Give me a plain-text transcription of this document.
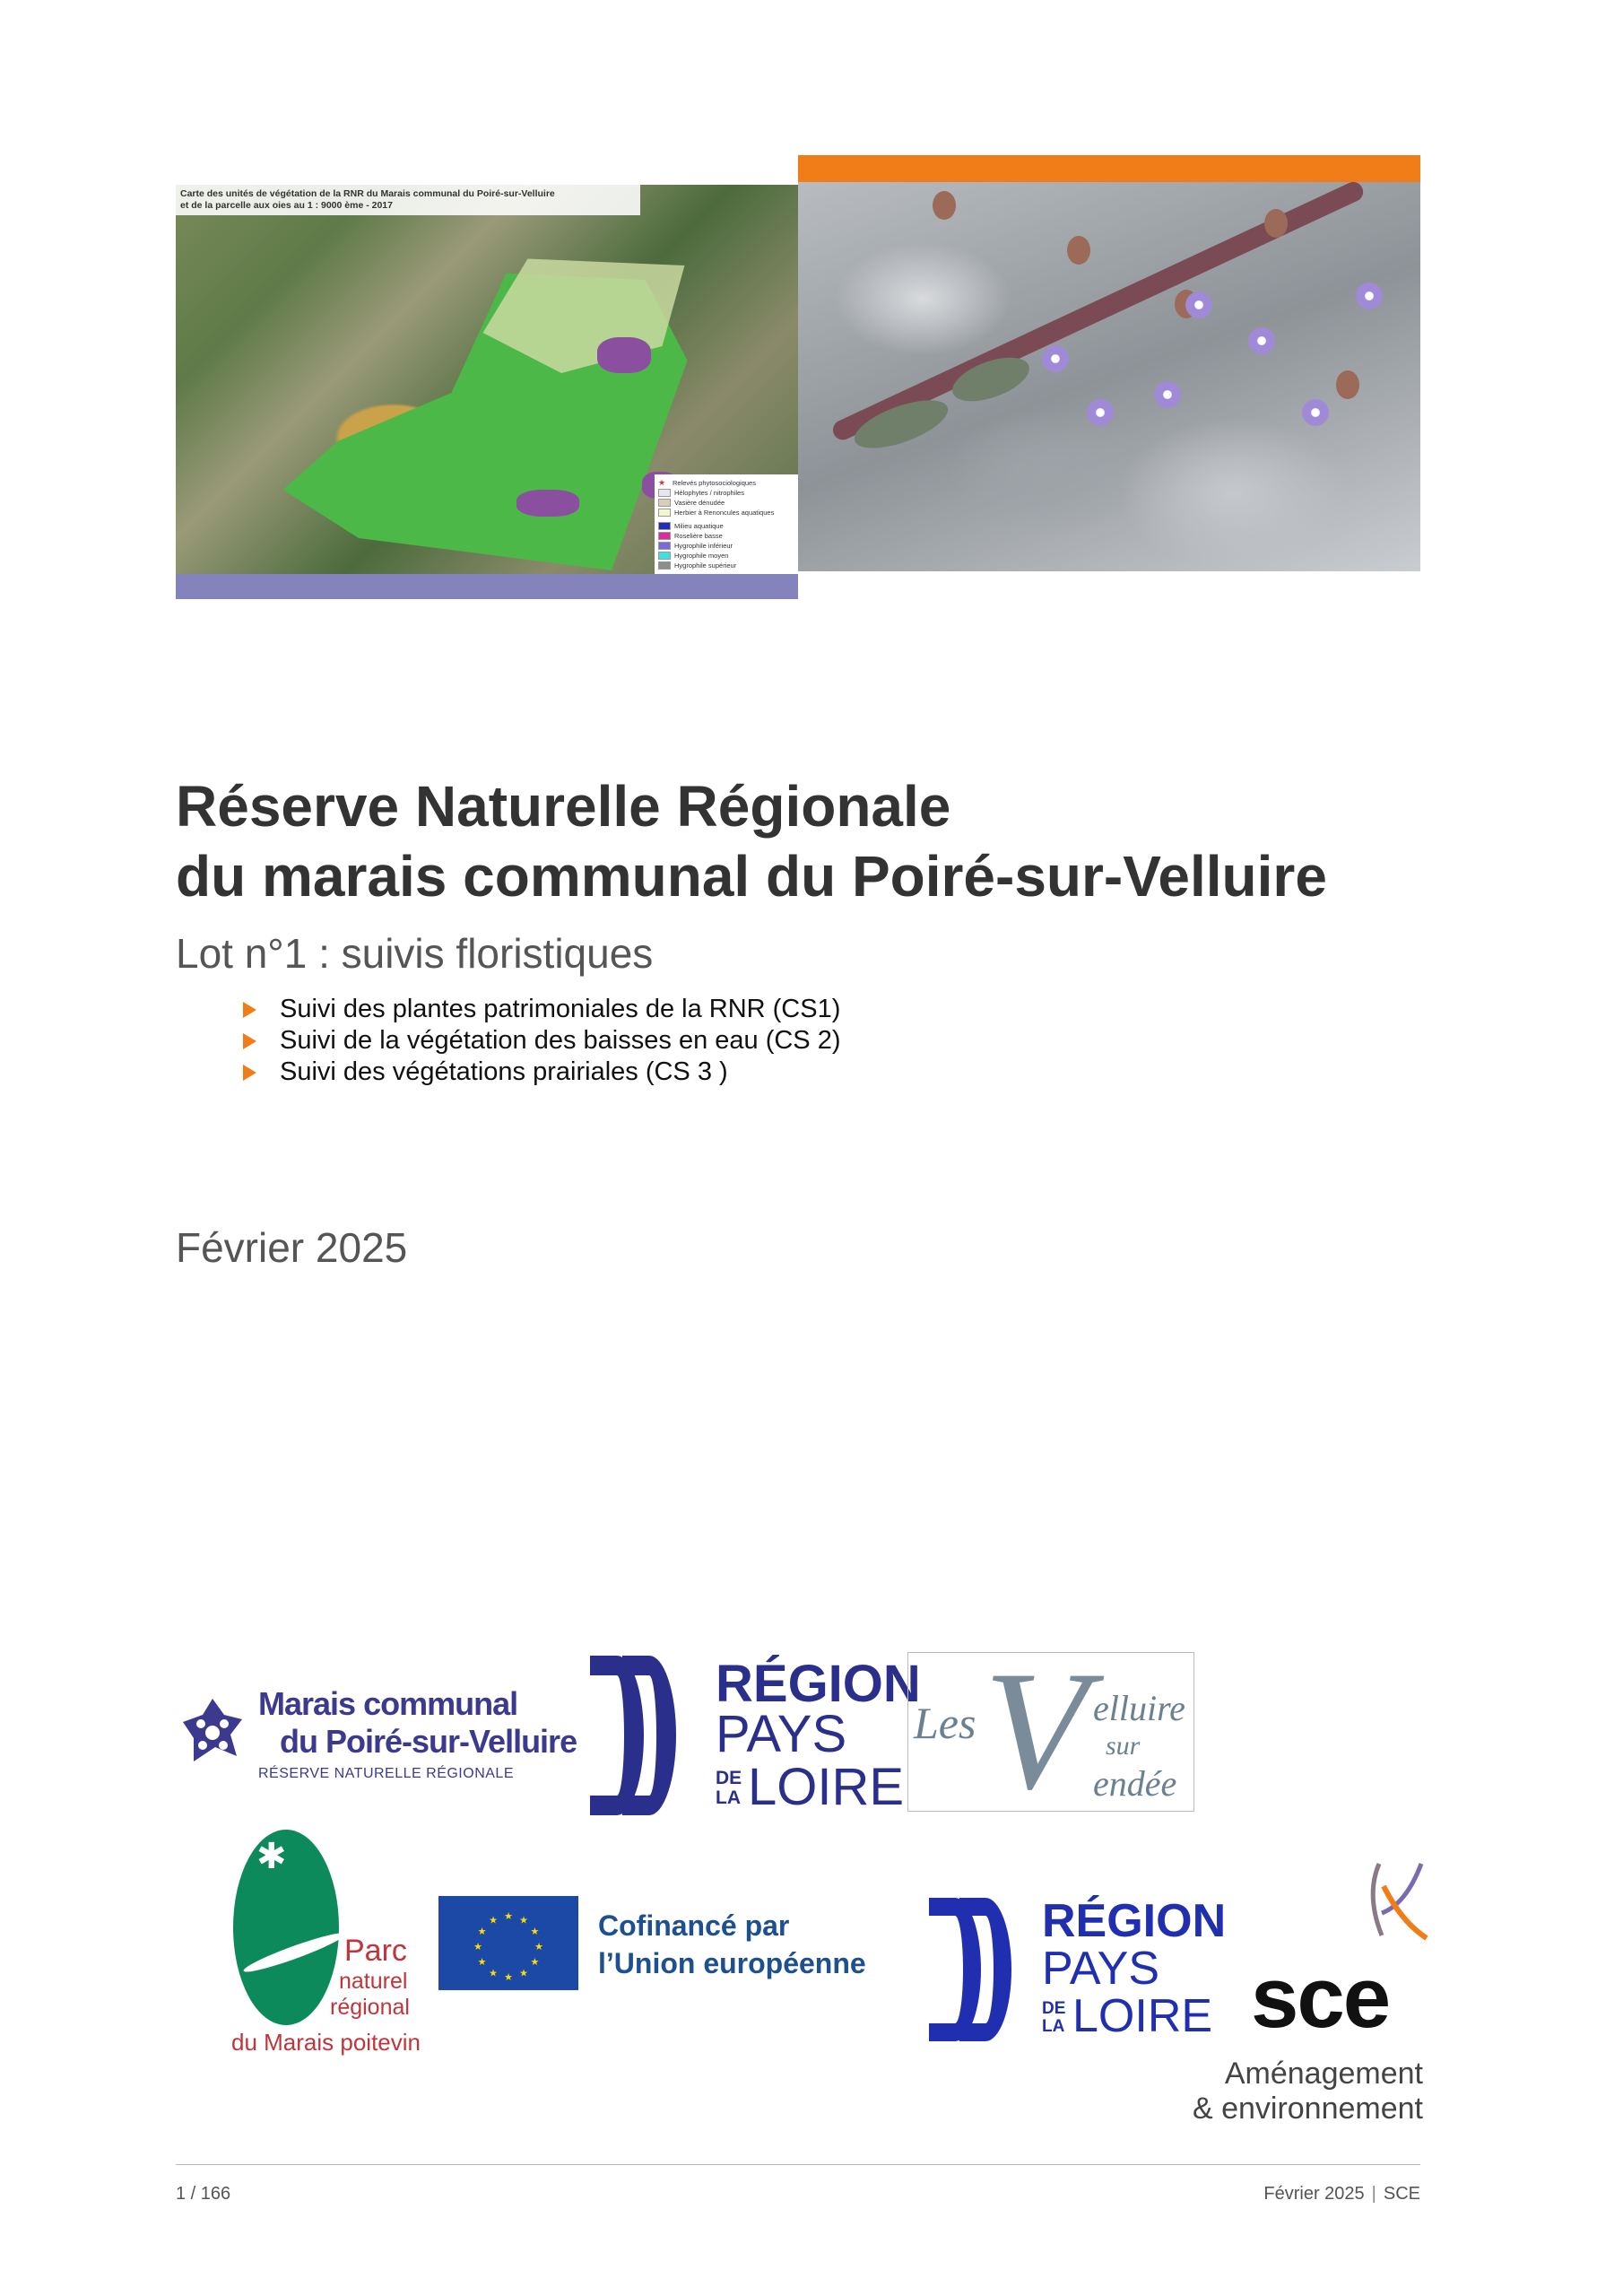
Carte des unités de végétation de la RNR du Marais communal du Poiré-sur-Velluire
et de la parcelle aux oies au 1 : 9000 ème - 2017
★	Relevés phytosociologiques
Hélophytes / nitrophiles
Vasière dénudée
Herbier à Renoncules aquatiques
Milieu aquatique
Roselière basse
Hygrophile inférieur
Hygrophile moyen
Hygrophile supérieur
Réserve Naturelle Régionale
du marais communal du Poiré-sur-Velluire
Lot n°1 : suivis floristiques
Suivi des plantes patrimoniales de la RNR (CS1)
Suivi de la végétation des baisses en eau (CS 2)
Suivi des végétations prairiales (CS 3 )
Février 2025
Marais communal
du Poiré-sur-Velluire
RÉSERVE NATURELLE RÉGIONALE
RÉGION
PAYS
DE
LA LOIRE
Les V elluire
sur
endée
✱
Parc
naturel
régional
du Marais poitevin
★
★
★
★
★
★
★
★
★ ★ ★
★ Cofinancé par
l’Union européenne
RÉGION
PAYS
DE
LA LOIRE sce
Aménagement
& environnement
1 / 166	Février 2025 | SCE
